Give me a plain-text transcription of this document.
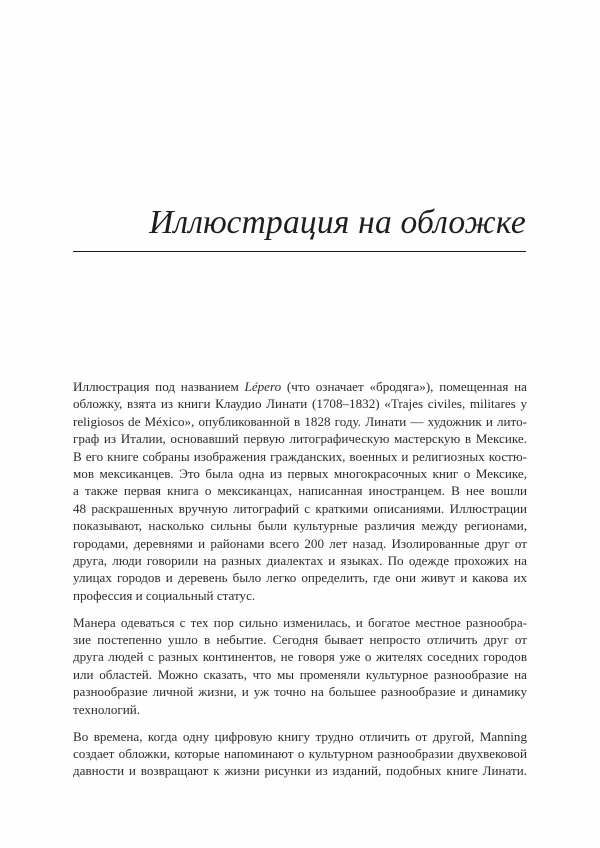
Иллюстрация на обложке

Иллюстрация под названием Lépero (что означает «бродяга»), помещенная на
обложку, взята из книги Клаудио Линати (1708–1832) «Trajes civiles, militares y
religiosos de México», опубликованной в 1828 году. Линати — художник и лито-
граф из Италии, основавший первую литографическую мастерскую в Мексике.
В его книге собраны изображения гражданских, военных и религиозных костю-
мов мексиканцев. Это была одна из первых многокрасочных книг о Мексике,
а также первая книга о мексиканцах, написанная иностранцем. В нее вошли
48 раскрашенных вручную литографий с краткими описаниями. Иллюстрации
показывают, насколько сильны были культурные различия между регионами,
городами, деревнями и районами всего 200 лет назад. Изолированные друг от
друга, люди говорили на разных диалектах и языках. По одежде прохожих на
улицах городов и деревень было легко определить, где они живут и какова их
профессия и социальный статус.

Манера одеваться с тех пор сильно изменилась, и богатое местное разнообра-
зие постепенно ушло в небытие. Сегодня бывает непросто отличить друг от
друга людей с разных континентов, не говоря уже о жителях соседних городов
или областей. Можно сказать, что мы променяли культурное разнообразие на
разнообразие личной жизни, и уж точно на большее разнообразие и динамику
технологий.

Во времена, когда одну цифровую книгу трудно отличить от другой, Manning
создает обложки, которые напоминают о культурном разнообразии двухвековой
давности и возвращают к жизни рисунки из изданий, подобных книге Линати.
